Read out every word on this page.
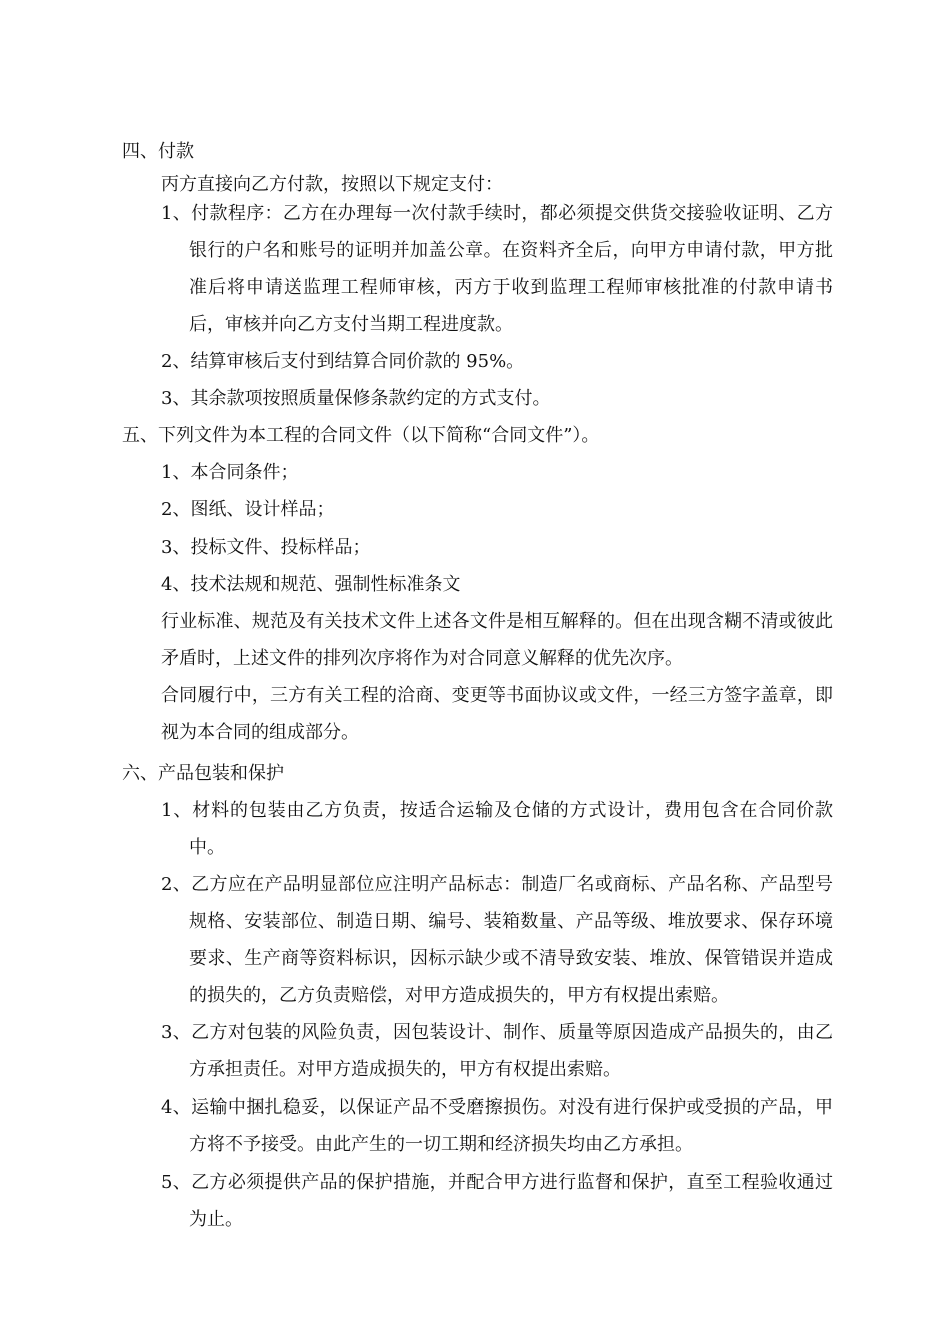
四、付款
丙方直接向乙方付款，按照以下规定支付：
1、付款程序：乙方在办理每一次付款手续时，都必须提交供货交接验收证明、乙方银行的户名和账号的证明并加盖公章。在资料齐全后，向甲方申请付款，甲方批准后将申请送监理工程师审核，丙方于收到监理工程师审核批准的付款申请书后，审核并向乙方支付当期工程进度款。
2、结算审核后支付到结算合同价款的 95%。
3、其余款项按照质量保修条款约定的方式支付。
五、下列文件为本工程的合同文件（以下简称“合同文件”）。
1、本合同条件；
2、图纸、设计样品；
3、投标文件、投标样品；
4、技术法规和规范、强制性标准条文
行业标准、规范及有关技术文件上述各文件是相互解释的。但在出现含糊不清或彼此矛盾时，上述文件的排列次序将作为对合同意义解释的优先次序。
合同履行中，三方有关工程的洽商、变更等书面协议或文件，一经三方签字盖章，即视为本合同的组成部分。
六、产品包装和保护
1、材料的包装由乙方负责，按适合运输及仓储的方式设计，费用包含在合同价款中。
2、乙方应在产品明显部位应注明产品标志：制造厂名或商标、产品名称、产品型号规格、安装部位、制造日期、编号、装箱数量、产品等级、堆放要求、保存环境要求、生产商等资料标识，因标示缺少或不清导致安装、堆放、保管错误并造成的损失的，乙方负责赔偿，对甲方造成损失的，甲方有权提出索赔。
3、乙方对包装的风险负责，因包装设计、制作、质量等原因造成产品损失的，由乙方承担责任。对甲方造成损失的，甲方有权提出索赔。
4、运输中捆扎稳妥，以保证产品不受磨擦损伤。对没有进行保护或受损的产品，甲方将不予接受。由此产生的一切工期和经济损失均由乙方承担。
5、乙方必须提供产品的保护措施，并配合甲方进行监督和保护，直至工程验收通过为止。
